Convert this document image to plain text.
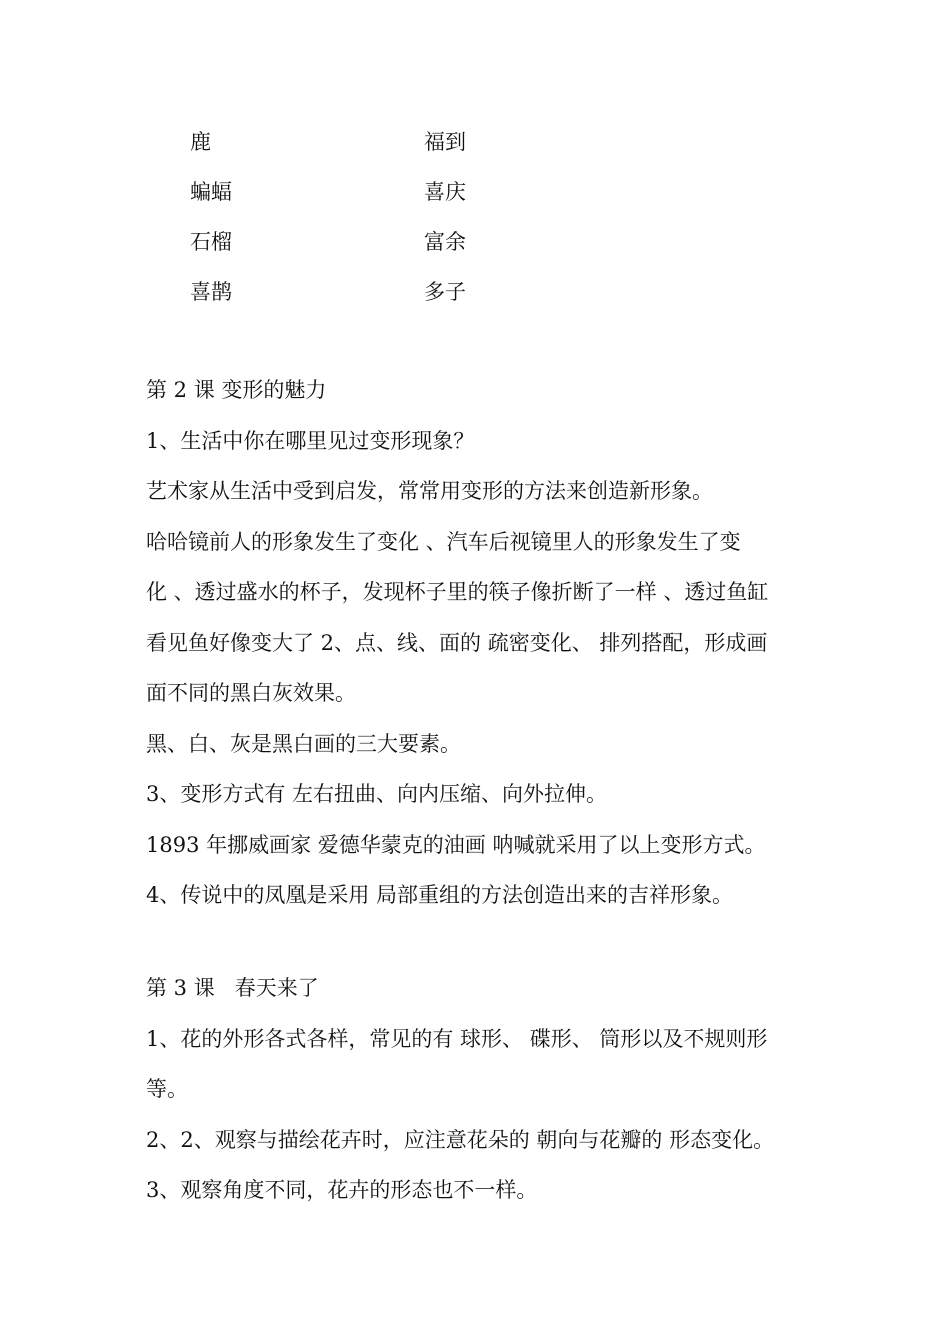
鹿	福到
蝙蝠	喜庆
石榴	富余
喜鹊	多子
第 2 课 变形的魅力
1、生活中你在哪里见过变形现象？
艺术家从生活中受到启发，常常用变形的方法来创造新形象。
哈哈镜前人的形象发生了变化 、汽车后视镜里人的形象发生了变
化 、透过盛水的杯子，发现杯子里的筷子像折断了一样 、透过鱼缸
看见鱼好像变大了 2、点、线、面的 疏密变化、 排列搭配，形成画
面不同的黑白灰效果。
黑、白、灰是黑白画的三大要素。
3、变形方式有 左右扭曲、向内压缩、向外拉伸。
1893 年挪威画家 爱德华蒙克的油画 呐喊就采用了以上变形方式。
4、传说中的凤凰是采用 局部重组的方法创造出来的吉祥形象。
第 3 课   春天来了
1、花的外形各式各样，常见的有 球形、 碟形、 筒形以及不规则形
等。
2、2、观察与描绘花卉时，应注意花朵的 朝向与花瓣的 形态变化。
3、观察角度不同，花卉的形态也不一样。
